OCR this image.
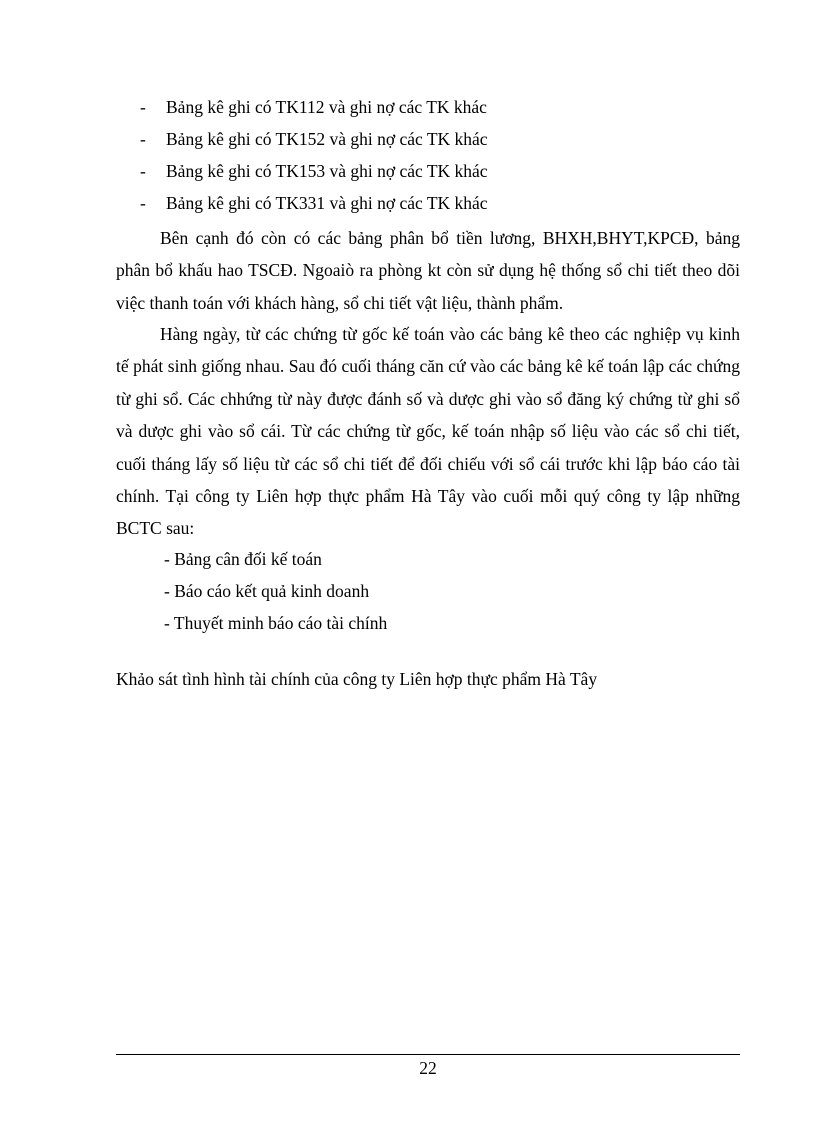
- Bảng kê ghi có TK112 và ghi nợ các TK khác
- Bảng kê ghi có TK152 và ghi nợ các TK khác
- Bảng kê ghi có TK153 và ghi nợ các TK khác
- Bảng kê ghi có TK331 và ghi nợ các TK khác

Bên cạnh đó còn có các bảng phân bổ tiền lương, BHXH,BHYT,KPCĐ, bảng phân bổ khấu hao TSCĐ. Ngoaiò ra phòng kt còn sử dụng hệ thống sổ chi tiết theo dõi việc thanh toán với khách hàng, sổ chi tiết vật liệu, thành phẩm.

Hàng ngày, từ các chứng từ gốc kế toán vào các bảng kê theo các nghiệp vụ kinh tế phát sinh giống nhau. Sau đó cuối tháng căn cứ vào các bảng kê kế toán lập các chứng từ ghi sổ. Các chhứng từ này được đánh số và dược ghi vào sổ đăng ký chứng từ ghi sổ và dược ghi vào sổ cái. Từ các chứng từ gốc, kế toán nhập số liệu vào các sổ chi tiết, cuối tháng lấy số liệu từ các sổ chi tiết để đối chiếu với sổ cái trước khi lập báo cáo tài chính. Tại công ty Liên hợp thực phẩm Hà Tây vào cuối mỗi quý công ty lập những BCTC sau:

- Bảng cân đối kế toán
- Báo cáo kết quả kinh doanh
- Thuyết minh báo cáo tài chính
Khảo sát tình hình tài chính của công ty Liên hợp thực phẩm Hà Tây
22
